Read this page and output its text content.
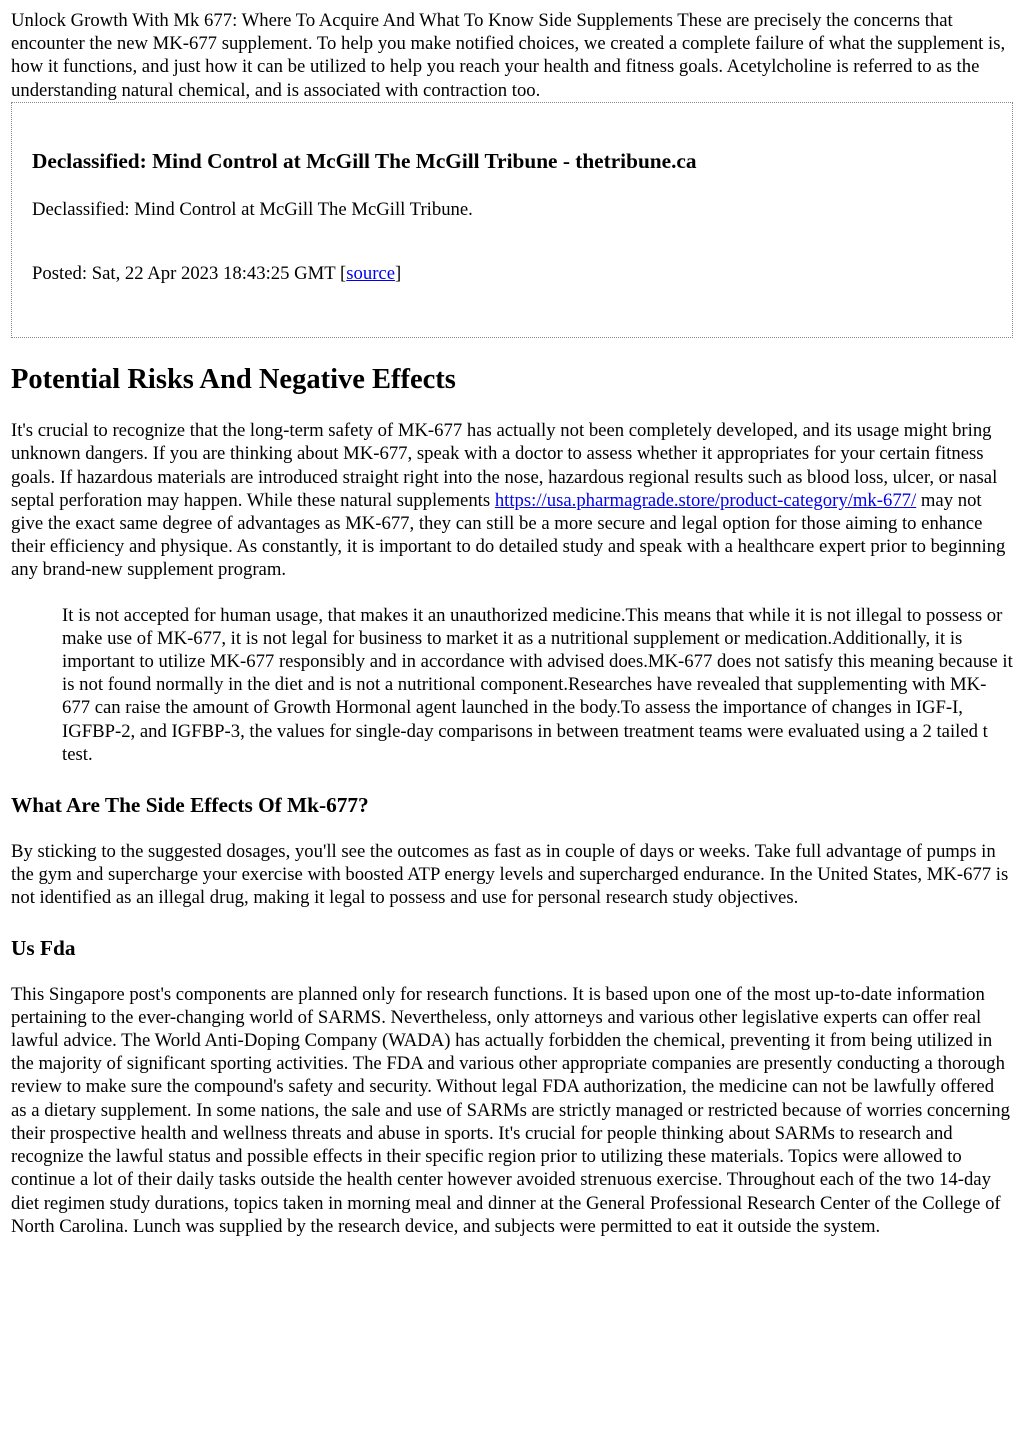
Unlock Growth With Mk 677: Where To Acquire And What To Know Side Supplements These are precisely the concerns that encounter the new MK-677 supplement. To help you make notified choices, we created a complete failure of what the supplement is, how it functions, and just how it can be utilized to help you reach your health and fitness goals. Acetylcholine is referred to as the understanding natural chemical, and is associated with contraction too.

Declassified: Mind Control at McGill The McGill Tribune - thetribune.ca

Declassified: Mind Control at McGill The McGill Tribune.

Posted: Sat, 22 Apr 2023 18:43:25 GMT [source]

Potential Risks And Negative Effects

It's crucial to recognize that the long-term safety of MK-677 has actually not been completely developed, and its usage might bring unknown dangers. If you are thinking about MK-677, speak with a doctor to assess whether it appropriates for your certain fitness goals. If hazardous materials are introduced straight right into the nose, hazardous regional results such as blood loss, ulcer, or nasal septal perforation may happen. While these natural supplements https://usa.pharmagrade.store/product-category/mk-677/ may not give the exact same degree of advantages as MK-677, they can still be a more secure and legal option for those aiming to enhance their efficiency and physique. As constantly, it is important to do detailed study and speak with a healthcare expert prior to beginning any brand-new supplement program.

It is not accepted for human usage, that makes it an unauthorized medicine.This means that while it is not illegal to possess or make use of MK-677, it is not legal for business to market it as a nutritional supplement or medication.Additionally, it is important to utilize MK-677 responsibly and in accordance with advised does.MK-677 does not satisfy this meaning because it is not found normally in the diet and is not a nutritional component.Researches have revealed that supplementing with MK-677 can raise the amount of Growth Hormonal agent launched in the body.To assess the importance of changes in IGF-I, IGFBP-2, and IGFBP-3, the values for single-day comparisons in between treatment teams were evaluated using a 2 tailed t test.

What Are The Side Effects Of Mk-677?

By sticking to the suggested dosages, you'll see the outcomes as fast as in couple of days or weeks. Take full advantage of pumps in the gym and supercharge your exercise with boosted ATP energy levels and supercharged endurance. In the United States, MK-677 is not identified as an illegal drug, making it legal to possess and use for personal research study objectives.

Us Fda

This Singapore post's components are planned only for research functions. It is based upon one of the most up-to-date information pertaining to the ever-changing world of SARMS. Nevertheless, only attorneys and various other legislative experts can offer real lawful advice. The World Anti-Doping Company (WADA) has actually forbidden the chemical, preventing it from being utilized in the majority of significant sporting activities. The FDA and various other appropriate companies are presently conducting a thorough review to make sure the compound's safety and security. Without legal FDA authorization, the medicine can not be lawfully offered as a dietary supplement. In some nations, the sale and use of SARMs are strictly managed or restricted because of worries concerning their prospective health and wellness threats and abuse in sports. It's crucial for people thinking about SARMs to research and recognize the lawful status and possible effects in their specific region prior to utilizing these materials. Topics were allowed to continue a lot of their daily tasks outside the health center however avoided strenuous exercise. Throughout each of the two 14-day diet regimen study durations, topics taken in morning meal and dinner at the General Professional Research Center of the College of North Carolina. Lunch was supplied by the research device, and subjects were permitted to eat it outside the system.
